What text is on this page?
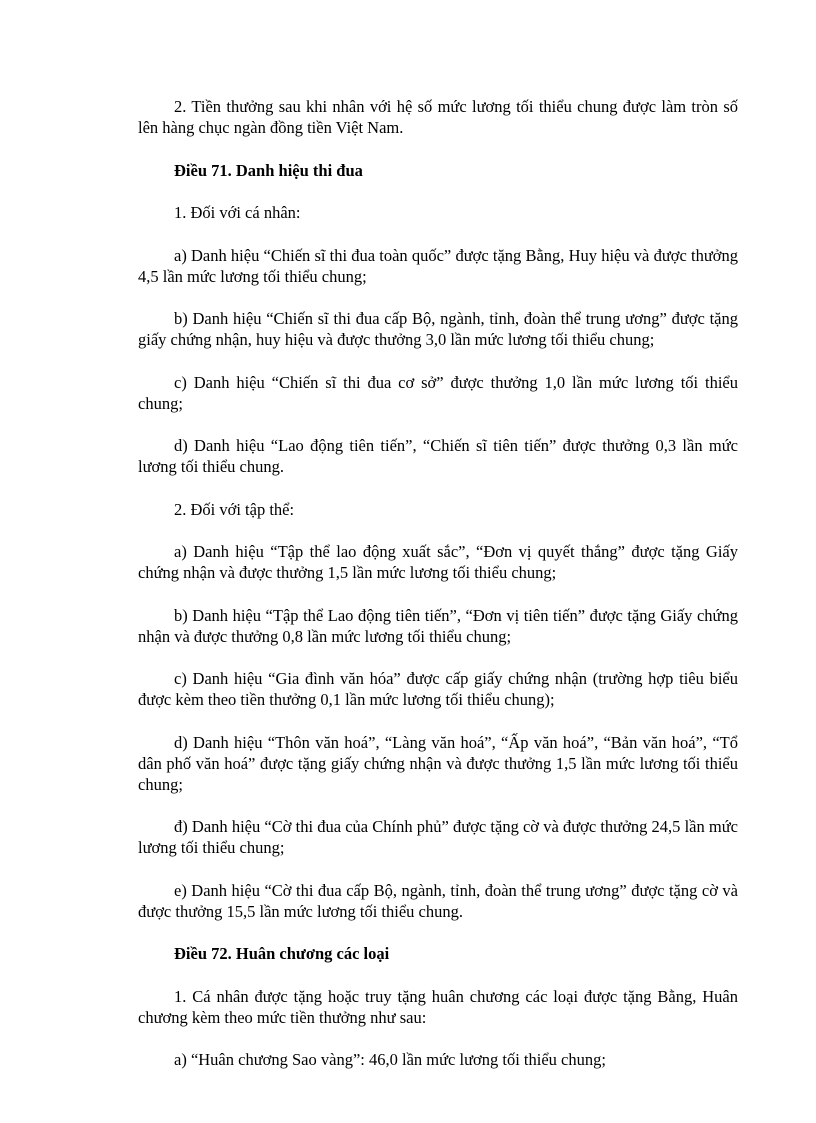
2. Tiền thưởng sau khi nhân với hệ số mức lương tối thiểu chung được làm tròn số lên hàng chục ngàn đồng tiền Việt Nam.

Điều 71. Danh hiệu thi đua

1. Đối với cá nhân:

a) Danh hiệu “Chiến sĩ thi đua toàn quốc” được tặng Bằng, Huy hiệu và được thưởng 4,5 lần mức lương tối thiểu chung;

b) Danh hiệu “Chiến sĩ thi đua cấp Bộ, ngành, tỉnh, đoàn thể trung ương” được tặng giấy chứng nhận, huy hiệu và được thưởng 3,0 lần mức lương tối thiểu chung;

c) Danh hiệu “Chiến sĩ thi đua cơ sở” được thưởng 1,0 lần mức lương tối thiểu chung;

d) Danh hiệu “Lao động tiên tiến”, “Chiến sĩ tiên tiến” được thưởng 0,3 lần mức lương tối thiểu chung.

2. Đối với tập thể:

a) Danh hiệu “Tập thể lao động xuất sắc”, “Đơn vị quyết thắng” được tặng Giấy chứng nhận và được thưởng 1,5 lần mức lương tối thiểu chung;

b) Danh hiệu “Tập thể Lao động tiên tiến”, “Đơn vị tiên tiến” được tặng Giấy chứng nhận và được thưởng 0,8 lần mức lương tối thiểu chung;

c) Danh hiệu “Gia đình văn hóa” được cấp giấy chứng nhận (trường hợp tiêu biểu được kèm theo tiền thưởng 0,1 lần mức lương tối thiểu chung);

d) Danh hiệu “Thôn văn hoá”, “Làng văn hoá”, “Ấp văn hoá”, “Bản văn hoá”, “Tổ dân phố văn hoá” được tặng giấy chứng nhận và được thưởng 1,5 lần mức lương tối thiểu chung;

đ) Danh hiệu “Cờ thi đua của Chính phủ” được tặng cờ và được thưởng 24,5 lần mức lương tối thiểu chung;

e) Danh hiệu “Cờ thi đua cấp Bộ, ngành, tỉnh, đoàn thể trung ương” được tặng cờ và được thưởng 15,5 lần mức lương tối thiểu chung.

Điều 72. Huân chương các loại

1. Cá nhân được tặng hoặc truy tặng huân chương các loại được tặng Bằng, Huân chương kèm theo mức tiền thưởng như sau:

a) “Huân chương Sao vàng”: 46,0 lần mức lương tối thiểu chung;
